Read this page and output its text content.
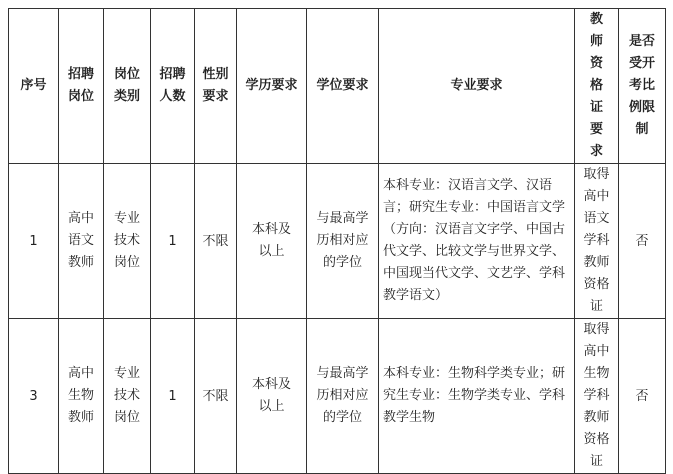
序号	招聘岗位	岗位类别	招聘人数	性别要求	学历要求	学位要求	专业要求	教师资格证要求	是否受开考比例限制
1	高中语文教师	专业技术岗位	1	不限	本科及以上	与最高学历相对应的学位	本科专业：汉语言文学、汉语言；研究生专业：中国语言文学（方向：汉语言文字学、中国古代文学、比较文学与世界文学、中国现当代文学、文艺学、学科教学语文）	取得高中语文学科教师资格证	否
3	高中生物教师	专业技术岗位	1	不限	本科及以上	与最高学历相对应的学位	本科专业：生物科学类专业；研究生专业：生物学类专业、学科教学生物	取得高中生物学科教师资格证	否
